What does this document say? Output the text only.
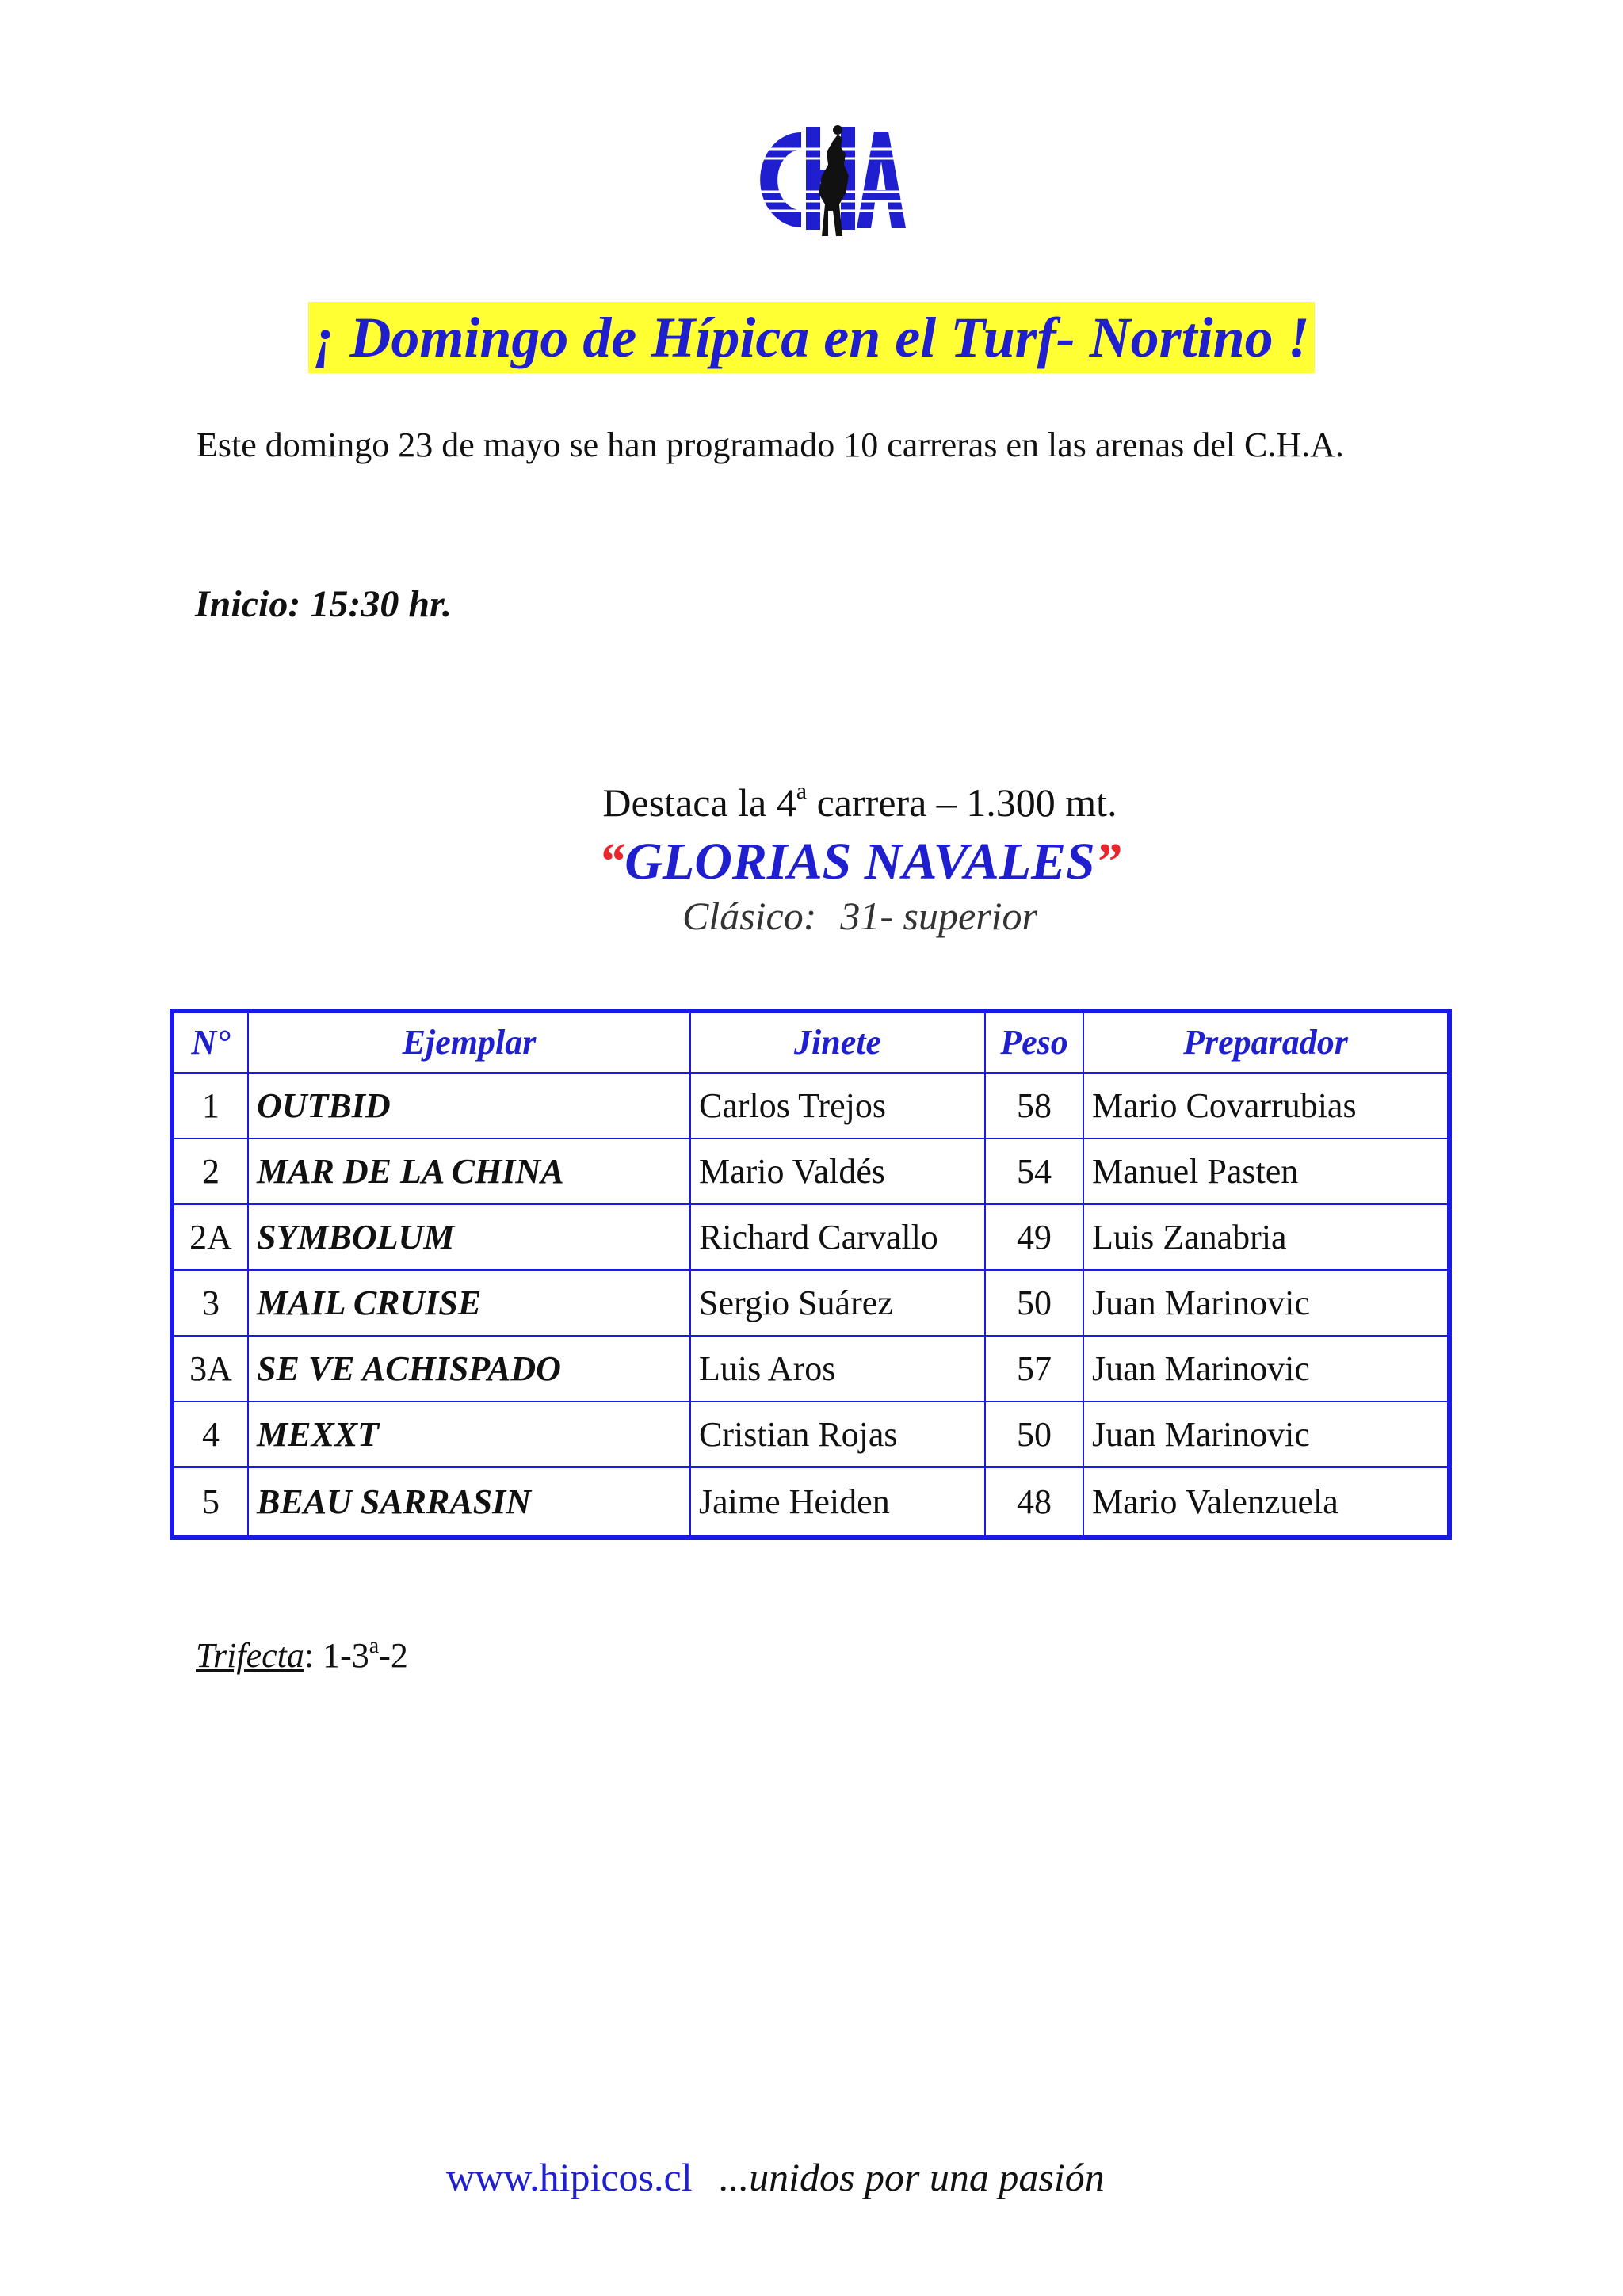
¡ Domingo de Hípica en el Turf- Nortino !
Este domingo 23 de mayo se han programado 10 carreras en las arenas del C.H.A.
Inicio: 15:30 hr.
Destaca la 4$^a$ carrera – 1.300 mt.
“GLORIAS NAVALES”
Clásico: 31- superior
N°	Ejemplar	Jinete	Peso	Preparador
1	OUTBID	Carlos Trejos	58	Mario Covarrubias
2	MAR DE LA CHINA	Mario Valdés	54	Manuel Pasten
2A	SYMBOLUM	Richard Carvallo	49	Luis Zanabria
3	MAIL CRUISE	Sergio Suárez	50	Juan Marinovic
3A	SE VE ACHISPADO	Luis Aros	57	Juan Marinovic
4	MEXXT	Cristian Rojas	50	Juan Marinovic
5	BEAU SARRASIN	Jaime Heiden	48	Mario Valenzuela
Trifecta: 1-3$^a$-2
www.hipicos.cl ...unidos por una pasión
